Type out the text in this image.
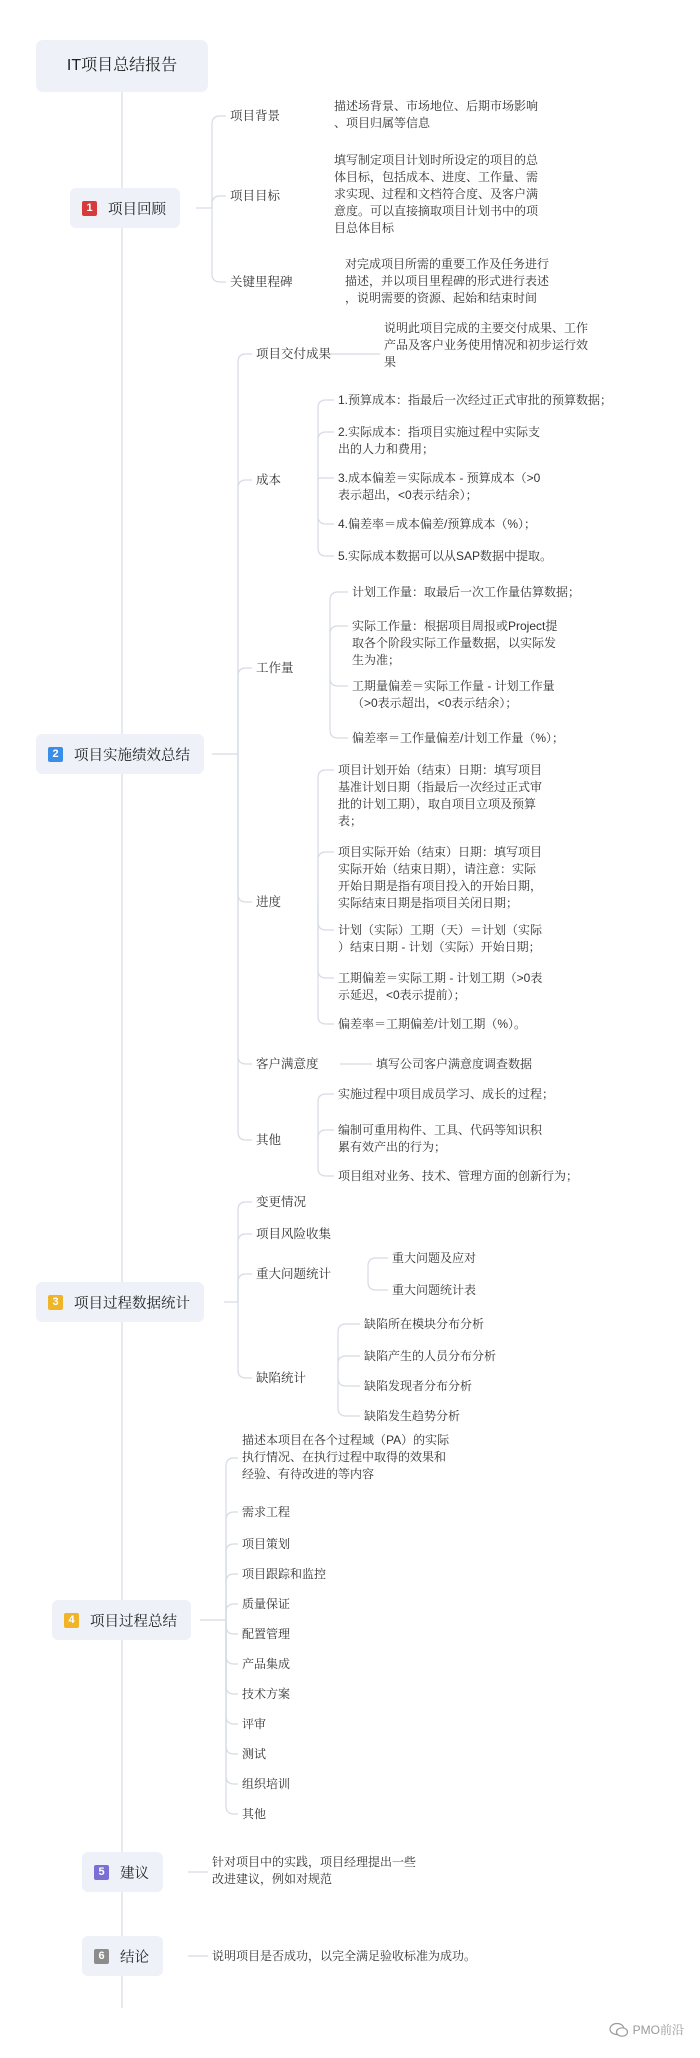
IT项目总结报告
1	项目回顾
2	项目实施绩效总结
3	项目过程数据统计
4	项目过程总结
5	建议
6	结论
项目背景
描述场背景、市场地位、后期市场影响
、项目归属等信息
项目目标
填写制定项目计划时所设定的项目的总
体目标，包括成本、进度、工作量、需
求实现、过程和文档符合度、及客户满
意度。可以直接摘取项目计划书中的项
目总体目标
关键里程碑
对完成项目所需的重要工作及任务进行
描述，并以项目里程碑的形式进行表述
，说明需要的资源、起始和结束时间
项目交付成果
成本
工作量
进度
客户满意度
其他
说明此项目完成的主要交付成果、工作
产品及客户业务使用情况和初步运行效
果
1.预算成本：指最后一次经过正式审批的预算数据；
2.实际成本：指项目实施过程中实际支
出的人力和费用；
3.成本偏差＝实际成本 - 预算成本（>0
表示超出，<0表示结余）；
4.偏差率＝成本偏差/预算成本（%）；
5.实际成本数据可以从SAP数据中提取。
计划工作量：取最后一次工作量估算数据；
实际工作量：根据项目周报或Project提
取各个阶段实际工作量数据，以实际发
生为准；
工期量偏差＝实际工作量 - 计划工作量
（>0表示超出，<0表示结余）；
偏差率＝工作量偏差/计划工作量（%）；
项目计划开始（结束）日期：填写项目
基准计划日期（指最后一次经过正式审
批的计划工期），取自项目立项及预算
表；
项目实际开始（结束）日期：填写项目
实际开始（结束日期），请注意：实际
开始日期是指有项目投入的开始日期，
实际结束日期是指项目关闭日期；
计划（实际）工期（天）＝计划（实际
）结束日期 - 计划（实际）开始日期；
工期偏差＝实际工期 - 计划工期（>0表
示延迟，<0表示提前）；
偏差率＝工期偏差/计划工期（%）。
填写公司客户满意度调查数据
实施过程中项目成员学习、成长的过程；
编制可重用构件、工具、代码等知识积
累有效产出的行为；
项目组对业务、技术、管理方面的创新行为；
变更情况
项目风险收集
重大问题统计
缺陷统计
重大问题及应对
重大问题统计表
缺陷所在模块分布分析
缺陷产生的人员分布分析
缺陷发现者分布分析
缺陷发生趋势分析
描述本项目在各个过程域（PA）的实际
执行情况、在执行过程中取得的效果和
经验、有待改进的等内容
需求工程
项目策划
项目跟踪和监控
质量保证
配置管理
产品集成
技术方案
评审
测试
组织培训
其他
针对项目中的实践，项目经理提出一些
改进建议，例如对规范
说明项目是否成功，以完全满足验收标准为成功。
PMO前沿
